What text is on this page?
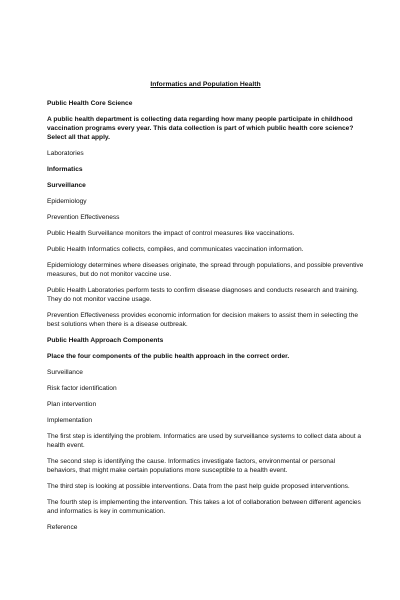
Informatics and Population Health

Public Health Core Science

A public health department is collecting data regarding how many people participate in childhood vaccination programs every year. This data collection is part of which public health core science? Select all that apply.

Laboratories

Informatics

Surveillance

Epidemiology

Prevention Effectiveness

Public Health Surveillance monitors the impact of control measures like vaccinations.

Public Health Informatics collects, compiles, and communicates vaccination information.

Epidemiology determines where diseases originate, the spread through populations, and possible preventive measures, but do not monitor vaccine use.

Public Health Laboratories perform tests to confirm disease diagnoses and conducts research and training. They do not monitor vaccine usage.

Prevention Effectiveness provides economic information for decision makers to assist them in selecting the best solutions when there is a disease outbreak.

Public Health Approach Components

Place the four components of the public health approach in the correct order.

Surveillance

Risk factor identification

Plan intervention

Implementation

The first step is identifying the problem. Informatics are used by surveillance systems to collect data about a health event.

The second step is identifying the cause. Informatics investigate factors, environmental or personal behaviors, that might make certain populations more susceptible to a health event.

The third step is looking at possible interventions. Data from the past help guide proposed interventions.

The fourth step is implementing the intervention. This takes a lot of collaboration between different agencies and informatics is key in communication.

Reference
